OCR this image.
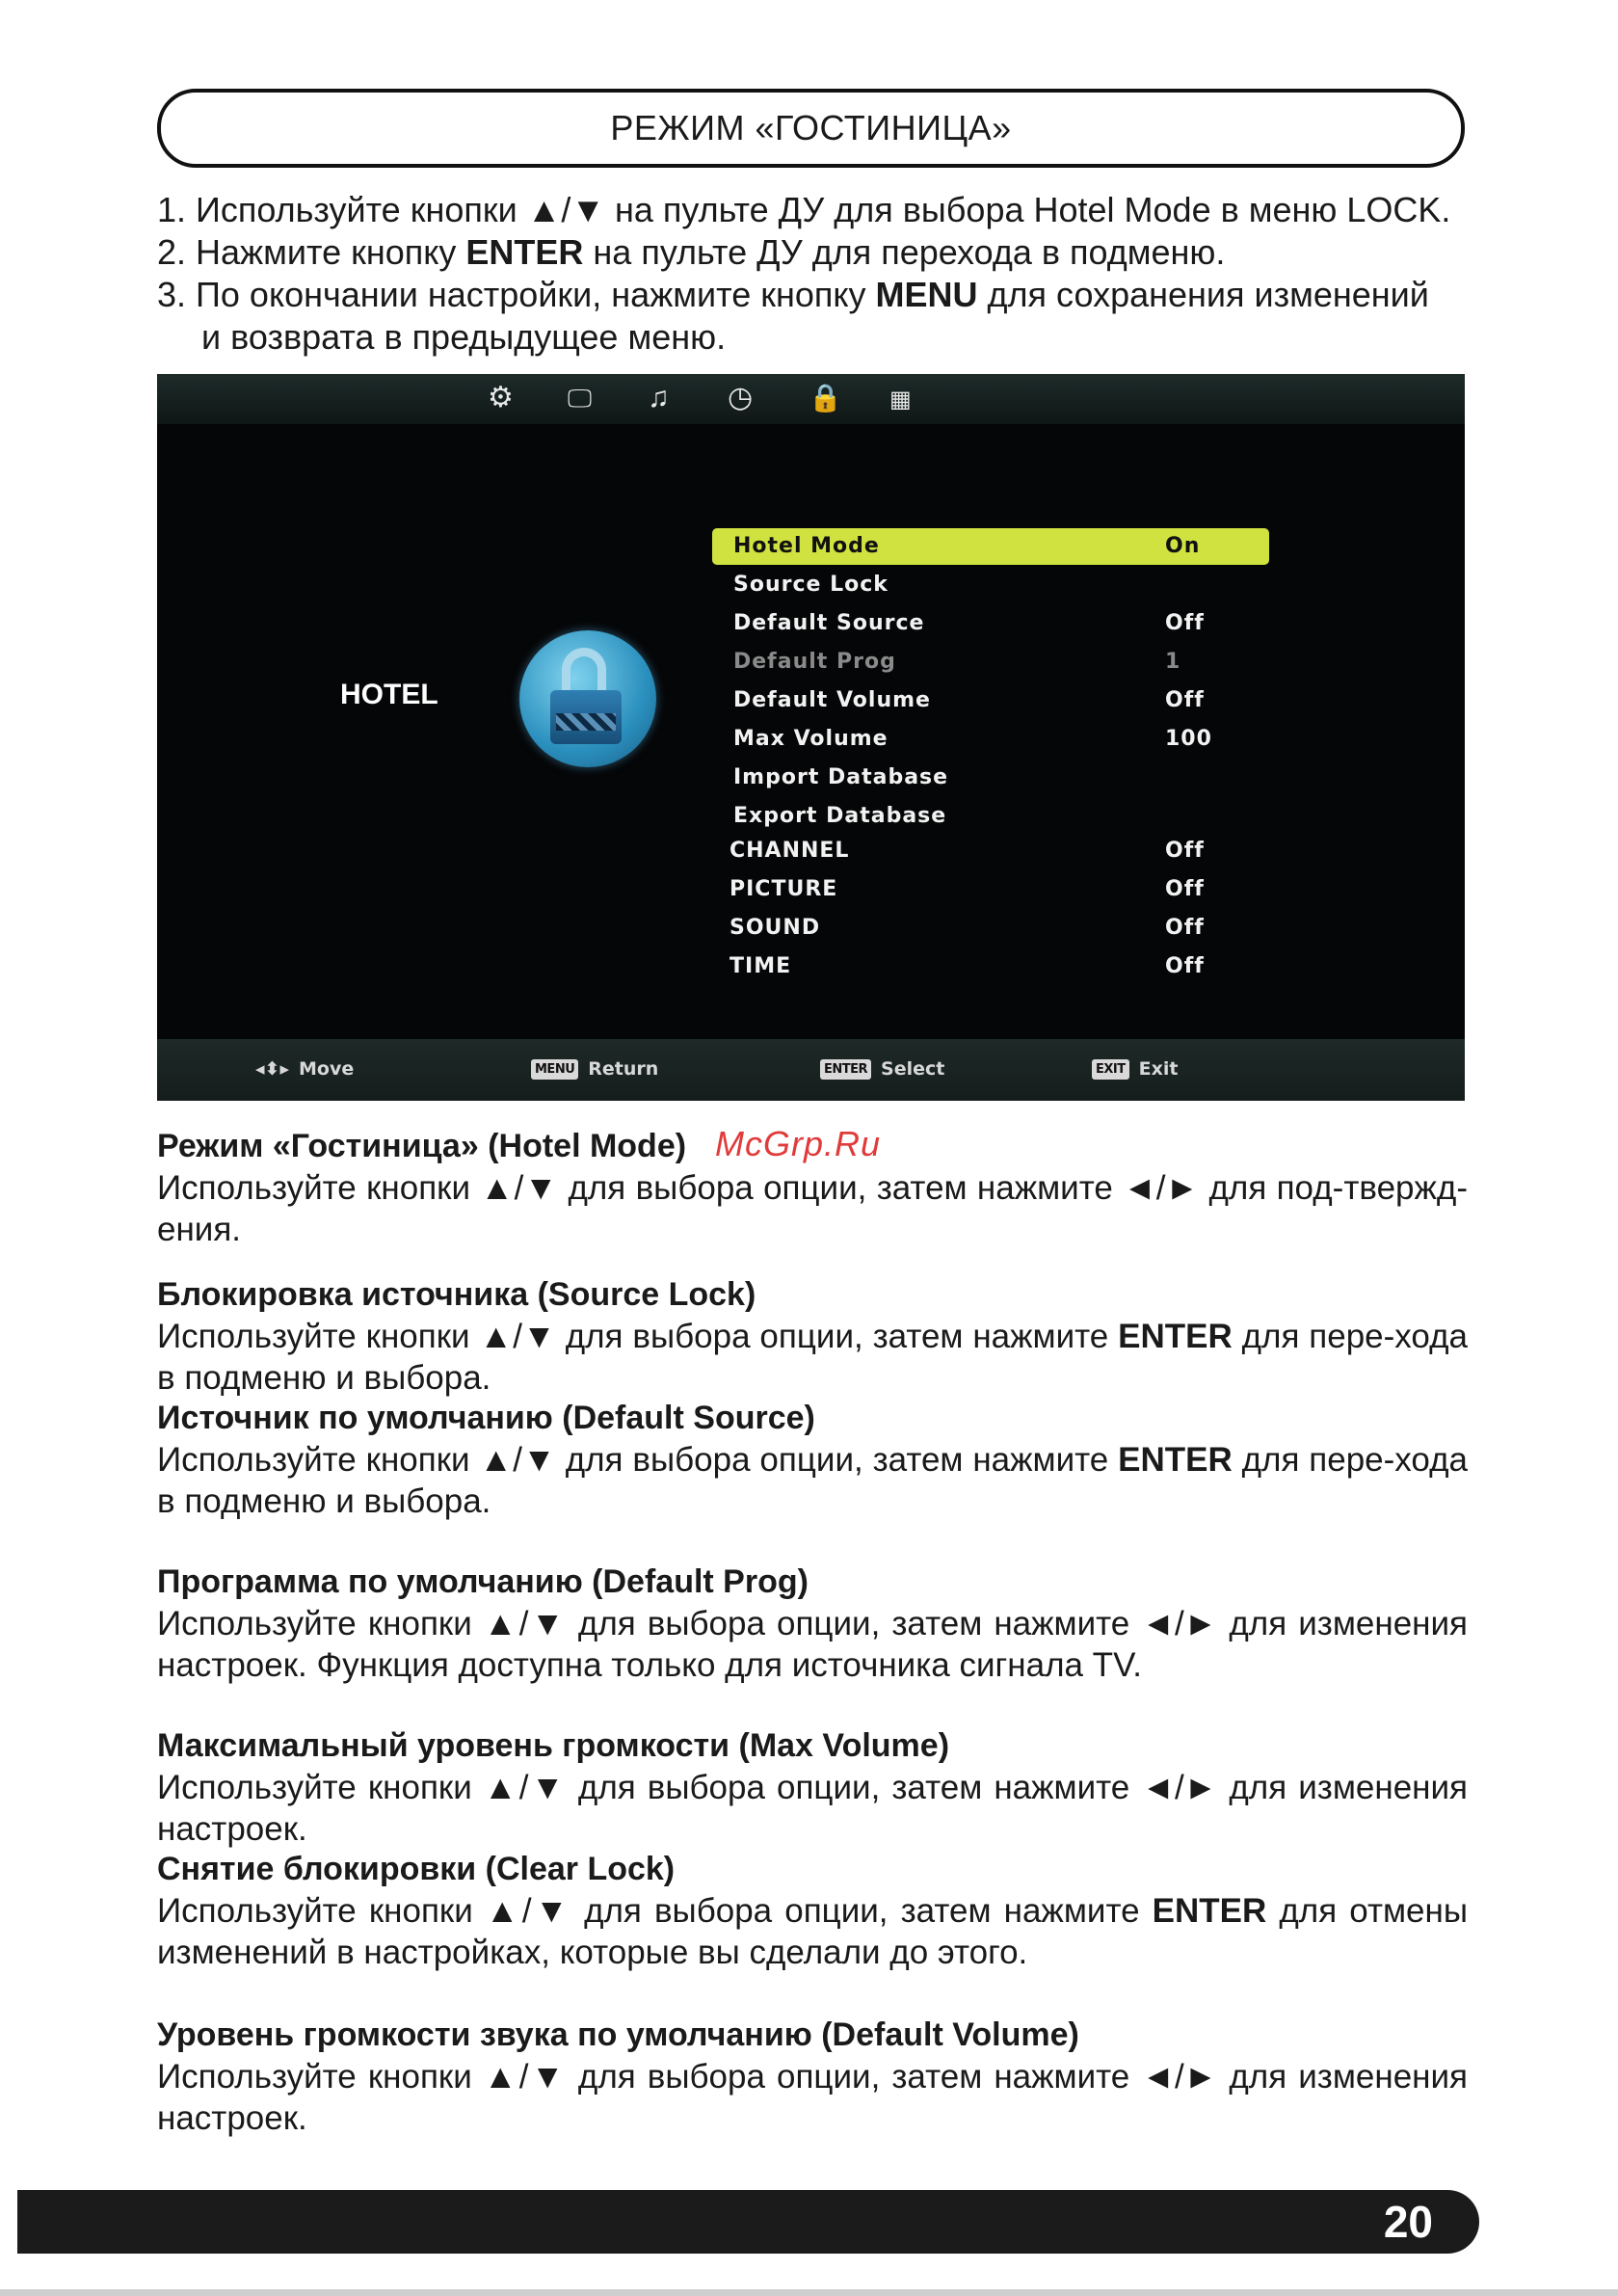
РЕЖИМ «ГОСТИНИЦА»

1. Используйте кнопки ▲/▼ на пульте ДУ для выбора Hotel Mode в меню LOCK.

2. Нажмите кнопку ENTER на пульте ДУ для перехода в подменю.

3. По окончании настройки, нажмите кнопку MENU для сохранения изменений

и возврата в предыдущее меню.

⚙ 🖵 ♫ ◷ 🔒 ▦
HOTEL
Hotel Mode	On
Source Lock
Default Source	Off
Default Prog	1
Default Volume	Off
Max Volume	100
Import Database
Export Database
CHANNEL	Off
PICTURE	Off
SOUND	Off
TIME	Off
◂⬍▸ Move	MENU Return	ENTER Select	EXIT Exit
McGrp.Ru
Режим «Гостиница» (Hotel Mode)

Используйте кнопки ▲/▼ для выбора опции, затем нажмите ◄/► для под-тверждения.

Блокировка источника (Source Lock)

Используйте кнопки ▲/▼ для выбора опции, затем нажмите ENTER для пере-хода в подменю и выбора.

Источник по умолчанию (Default Source)

Используйте кнопки ▲/▼ для выбора опции, затем нажмите ENTER для пере-хода в подменю и выбора.

Программа по умолчанию (Default Prog)

Используйте кнопки ▲/▼ для выбора опции, затем нажмите ◄/► для изменения настроек. Функция доступна только для источника сигнала TV.

Максимальный уровень громкости (Max Volume)

Используйте кнопки ▲/▼ для выбора опции, затем нажмите ◄/► для изменения настроек.

Снятие блокировки (Clear Lock)

Используйте кнопки ▲/▼ для выбора опции, затем нажмите ENTER для отмены изменений в настройках, которые вы сделали до этого.

Уровень громкости звука по умолчанию (Default Volume)

Используйте кнопки ▲/▼ для выбора опции, затем нажмите ◄/► для изменения настроек.

20
